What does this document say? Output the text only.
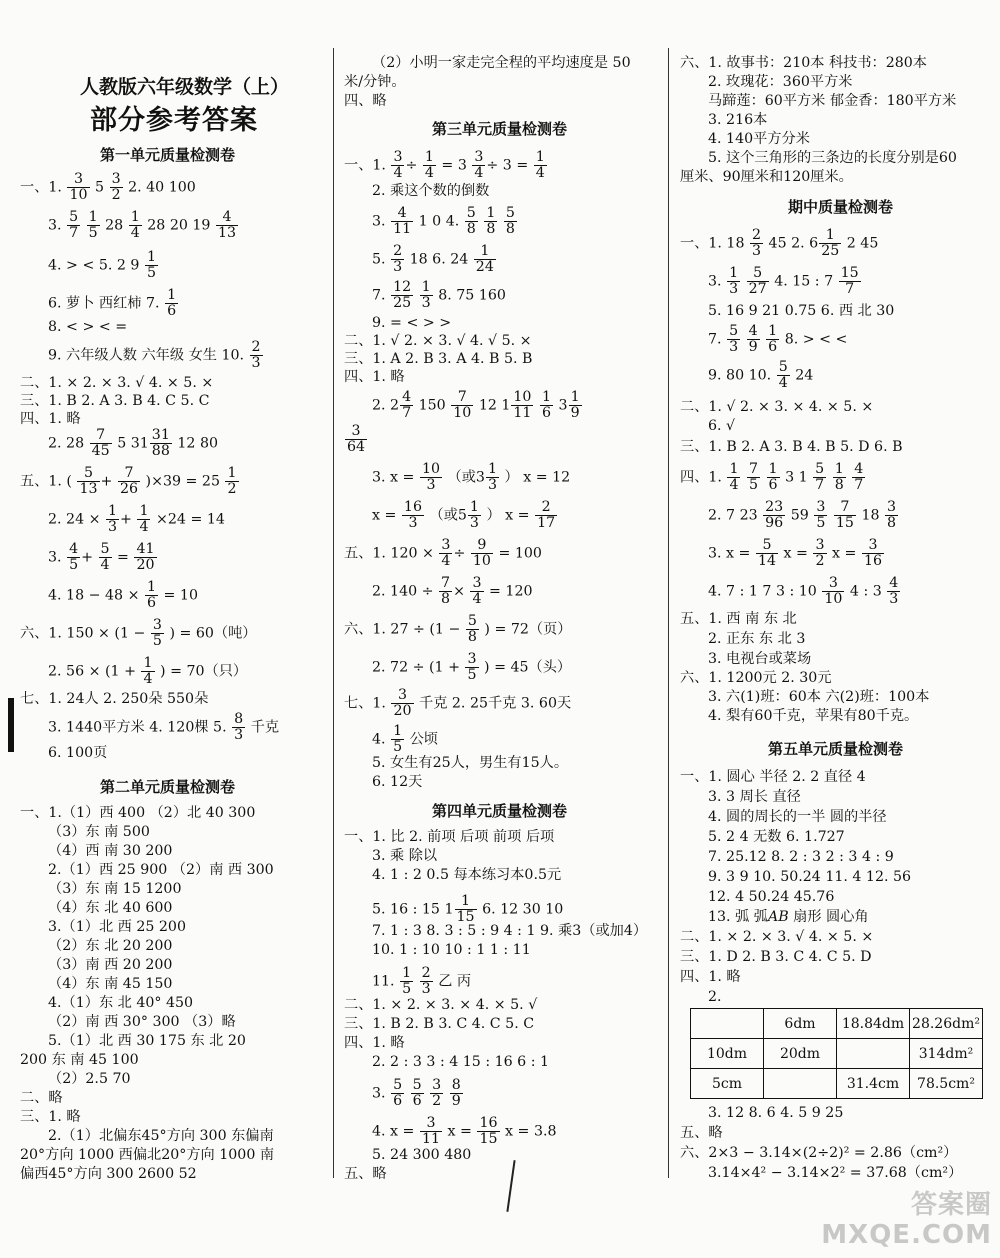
人教版六年级数学（上）
部分参考答案
第一单元质量检测卷
一、1. $\frac{3}{10} 5 \frac{3}{2} 2$. 40 100
3. $\frac{5}{7}$
$\frac{1}{5} 28 \frac{1}{4} 28$ 20 $19 \frac{4}{13}$
4. > < 5. 2 $9 \frac{1}{5}$
6. 萝卜 西红柿 7. $\frac{1}{6}$
8. < > < =
9. 六年级人数 六年级 女生 10. $\frac{2}{3}$
二、1. × 2. × 3. √ 4. × 5. ×
三、1. B 2. A 3. B 4. C 5. C
四、1. 略
2. $28 \frac{7}{45} 5$ $31 \frac{31}{88} 12$ 80
五、1. ( $\frac{5}{13} + \frac{7}{26} )\times 39 = 25 \frac{1}{2}$
2. $24 \times \frac{1}{3} + \frac{1}{4} \times 24 = 14$
3. $\frac{4}{5} + \frac{5}{4} = \frac{41}{20}$
4. $18 - 48 \times \frac{1}{6} = 10$
六、1. $150 \times (1 - \frac{3}{5}$ ) = 60（吨）
2. $56 \times (1 + \frac{1}{4}$ ) = 70（只）
七、1. 24人 2. 250朵 550朵
3. 1440平方米 4. 120棵 5. $\frac{8}{3}$ 千克
6. 100页
第二单元质量检测卷
一、1.（1）西 400 （2）北 40 300
（3）东 南 500
（4）西 南 30 200
2.（1）西 25 900 （2）南 西 300
（3）东 南 15 1200
（4）东 北 40 600
3.（1）北 西 25 200
（2）东 北 20 200
（3）南 西 20 200
（4）东 南 45 150
4.（1）东 北 40° 450
（2）南 西 30° 300 （3）略
5.（1）北 西 30 175 东 北 20
200 东 南 45 100
（2）2.5 70
二、略
三、1. 略
2.（1）北偏东45°方向 300 东偏南
20°方向 1000 西偏北20°方向 1000 南
偏西45°方向 300 2600 52
（2）小明一家走完全程的平均速度是 50
米/分钟。
四、略
第三单元质量检测卷
一、1. $\frac{3}{4} \div \frac{1}{4} = 3 \frac{3}{4} \div 3 = \frac{1}{4}$
2. 乘这个数的倒数
3. $\frac{4}{11} 1$ 0 4. $\frac{5}{8}$
$\frac{1}{8}$
$\frac{5}{8}$
5. $\frac{2}{3} 18$ 6. $24 \frac{1}{24}$
7. $\frac{12}{25}$
$\frac{1}{3} 8$. 75 160
9. = < > >
二、1. √ 2. × 3. √ 4. √ 5. ×
三、1. A 2. B 3. A 4. B 5. B
四、1. 略
2. $2 \frac{4}{7} 150 \frac{7}{10} 12$ $1 \frac{10}{11}$
$\frac{1}{6} 3 \frac{1}{9}$
$\frac{3}{64}$
3. $x = \frac{10}{3}$ （或$3 \frac{1}{3}$ ） x = 12
$x = \frac{16}{3}$ （或$5 \frac{1}{3}$ ） $x = \frac{2}{17}$
五、1. $120 \times \frac{3}{4} \div \frac{9}{10} = 100$
2. $140 \div \frac{7}{8} \times \frac{3}{4} = 120$
六、1. $27 \div (1 - \frac{5}{8}$ ) = 72（页）
2. $72 \div (1 + \frac{3}{5}$ ) = 45（头）
七、1. $\frac{3}{20}$ 千克 2. 25千克 3. 60天
4. $\frac{1}{5}$ 公顷
5. 女生有25人，男生有15人。
6. 12天
第四单元质量检测卷
一、1. 比 2. 前项 后项 前项 后项
3. 乘 除以
4. 1 : 2 0.5 每本练习本0.5元
5. 16 : 15 $1 \frac{1}{15} 6$. 12 30 10
7. 1 : 3 8. 3 : 5 : 9 4 : 1 9. 乘3（或加4）
10. 1 : 10 10 : 1 1 : 11
11. $\frac{1}{5}$
$\frac{2}{3}$ 乙 丙
二、1. × 2. × 3. × 4. × 5. √
三、1. B 2. B 3. C 4. C 5. C
四、1. 略
2. 2 : 3 3 : 4 15 : 16 6 : 1
3. $\frac{5}{6}$
$\frac{5}{6}$
$\frac{3}{2}$
$\frac{8}{9}$
4. $x = \frac{3}{11}$ $x = \frac{16}{15}$ x = 3.8
5. 24 300 480
五、略
六、1. 故事书：210本 科技书：280本
2. 玫瑰花：360平方米
马蹄莲：60平方米 郁金香：180平方米
3. 216本
4. 140平方分米
5. 这个三角形的三条边的长度分别是60
厘米、90厘米和120厘米。
期中质量检测卷
一、1. $18 \frac{2}{3} 45$ 2. $6 \frac{1}{25} 2$ 45
3. $\frac{1}{3}$
$\frac{5}{27} 4$. 15 : $7 \frac{15}{7}$
5. 16 9 21 0.75 6. 西 北 30
7. $\frac{5}{3}$
$\frac{4}{9}$
$\frac{1}{6} 8$. > < <
9. 80 10. $\frac{5}{4} 24$
二、1. √ 2. × 3. × 4. × 5. ×
6. √
三、1. B 2. A 3. B 4. B 5. D 6. B
四、1. $\frac{1}{4}$
$\frac{7}{5}$
$\frac{1}{6} 3$ $1 \frac{5}{7}$
$\frac{1}{8}$
$\frac{4}{7}$
2. 7 $23 \frac{23}{96} 59 \frac{3}{5}$
$\frac{7}{15} 18 \frac{3}{8}$
3. $x = \frac{5}{14}$ $x = \frac{3}{2}$ $x = \frac{3}{16}$
4. 7 : 1 7 3 : $10 \frac{3}{10} 4$ : $3 \frac{4}{3}$
五、1. 西 南 东 北
2. 正东 东 北 3
3. 电视台或菜场
六、1. 1200元 2. 30元
3. 六(1)班：60本 六(2)班：100本
4. 梨有60千克，苹果有80千克。
第五单元质量检测卷
一、1. 圆心 半径 2. 2 直径 4
3. 3 周长 直径
4. 圆的周长的一半 圆的半径
5. 2 4 无数 6. 1.727
7. 25.12 8. 2 : 3 2 : 3 4 : 9
9. 3 9 10. 50.24 11. 4 12. 56
12. 4 50.24 45.76
13. 弧 弧AB 扇形 圆心角
二、1. × 2. × 3. √ 4. × 5. ×
三、1. D 2. B 3. C 4. C 5. D
四、1. 略
2.
	6dm	18.84dm	28.26dm²
10dm	20dm		314dm²
5cm		31.4cm	78.5cm²
3. 12 8. 6 4. 5 9 25
五、略
六、2×3 − 3.14×(2÷2)² = 2.86（cm²）
3.14×4² − 3.14×2² = 37.68（cm²）
答案圈
MXQE.COM
